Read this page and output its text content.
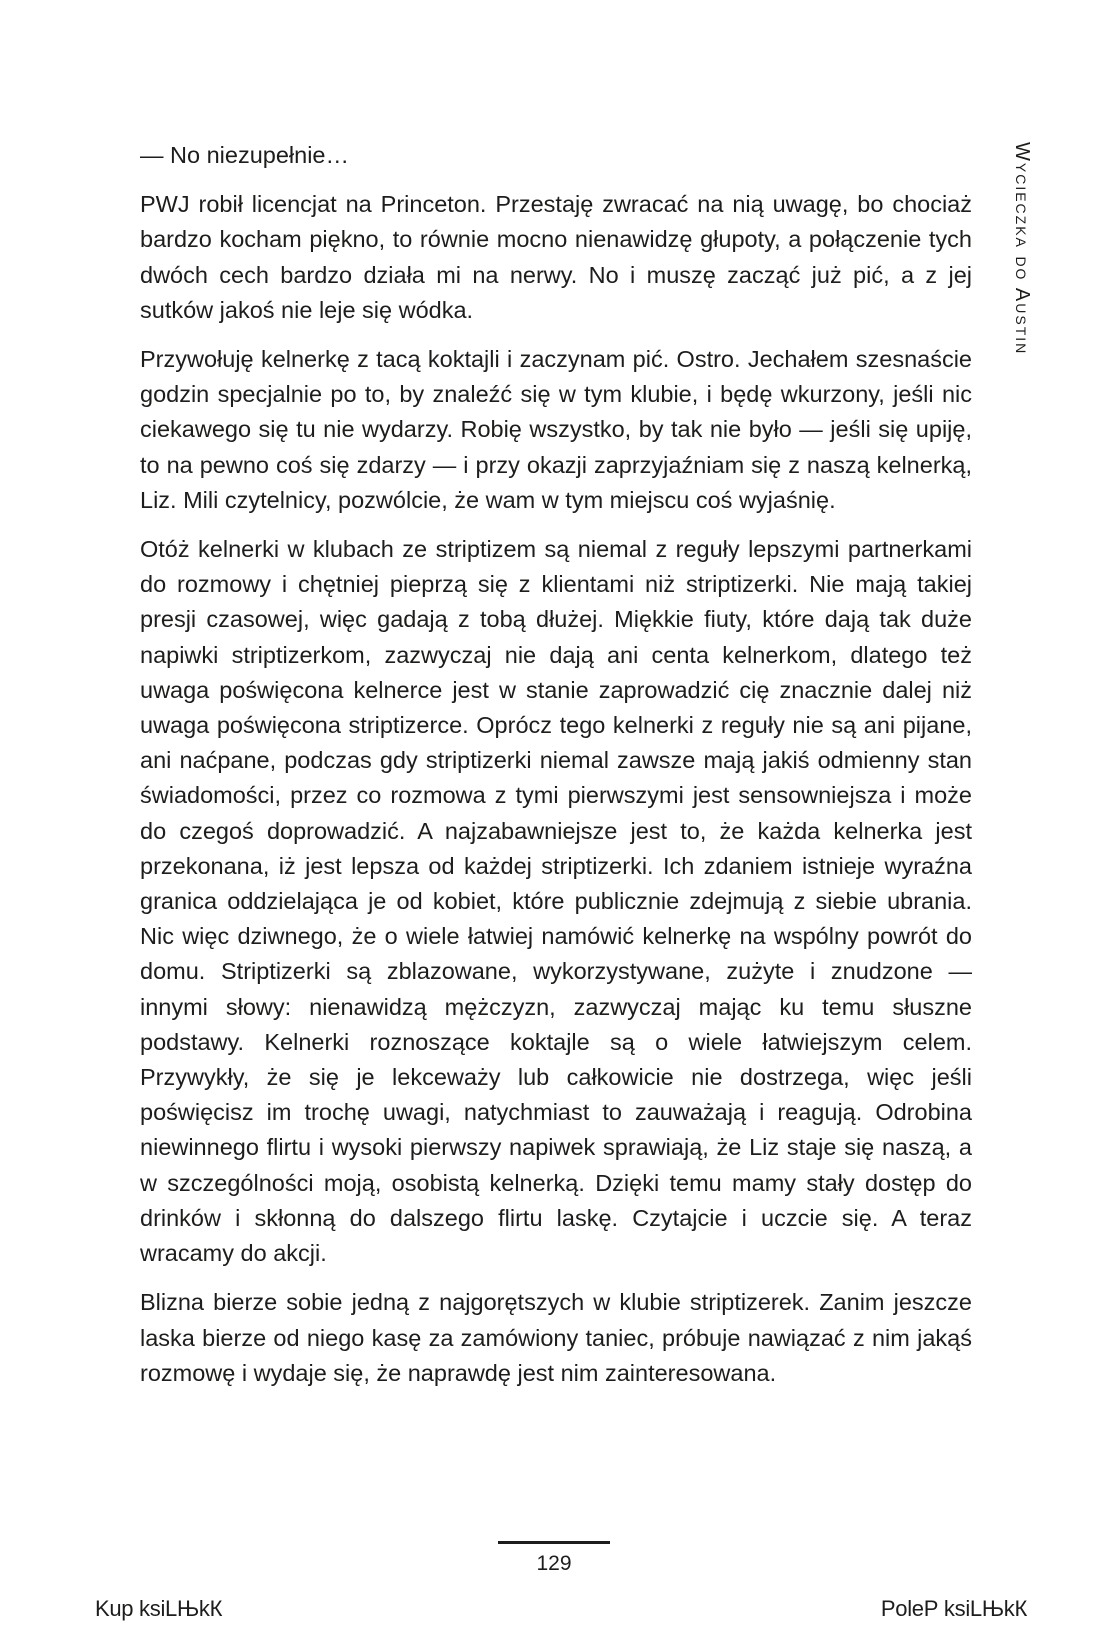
Wycieczka do Austin

— No niezupełnie…

PWJ robił licencjat na Princeton. Przestaję zwracać na nią uwagę, bo chociaż bardzo kocham piękno, to równie mocno nienawidzę głupoty, a połączenie tych dwóch cech bardzo działa mi na nerwy. No i muszę zacząć już pić, a z jej sutków jakoś nie leje się wódka.

Przywołuję kelnerkę z tacą koktajli i zaczynam pić. Ostro. Jechałem szesnaście godzin specjalnie po to, by znaleźć się w tym klubie, i będę wkurzony, jeśli nic ciekawego się tu nie wydarzy. Robię wszystko, by tak nie było — jeśli się upiję, to na pewno coś się zdarzy — i przy okazji zaprzyjaźniam się z naszą kelnerką, Liz. Mili czytelnicy, pozwólcie, że wam w tym miejscu coś wyjaśnię.

Otóż kelnerki w klubach ze striptizem są niemal z reguły lepszymi partnerkami do rozmowy i chętniej pieprzą się z klientami niż striptizerki. Nie mają takiej presji czasowej, więc gadają z tobą dłużej. Miękkie fiuty, które dają tak duże napiwki striptizerkom, zazwyczaj nie dają ani centa kelnerkom, dlatego też uwaga poświęcona kelnerce jest w stanie zaprowadzić cię znacznie dalej niż uwaga poświęcona striptizerce. Oprócz tego kelnerki z reguły nie są ani pijane, ani naćpane, podczas gdy striptizerki niemal zawsze mają jakiś odmienny stan świadomości, przez co rozmowa z tymi pierwszymi jest sensowniejsza i może do czegoś doprowadzić. A najzabawniejsze jest to, że każda kelnerka jest przekonana, iż jest lepsza od każdej striptizerki. Ich zdaniem istnieje wyraźna granica oddzielająca je od kobiet, które publicznie zdejmują z siebie ubrania. Nic więc dziwnego, że o wiele łatwiej namówić kelnerkę na wspólny powrót do domu. Striptizerki są zblazowane, wykorzystywane, zużyte i znudzone — innymi słowy: nienawidzą mężczyzn, zazwyczaj mając ku temu słuszne podstawy. Kelnerki roznoszące koktajle są o wiele łatwiejszym celem. Przywykły, że się je lekceważy lub całkowicie nie dostrzega, więc jeśli poświęcisz im trochę uwagi, natychmiast to zauważają i reagują. Odrobina niewinnego flirtu i wysoki pierwszy napiwek sprawiają, że Liz staje się naszą, a w szczególności moją, osobistą kelnerką. Dzięki temu mamy stały dostęp do drinków i skłonną do dalszego flirtu laskę. Czytajcie i uczcie się. A teraz wracamy do akcji.

Blizna bierze sobie jedną z najgorętszych w klubie striptizerek. Zanim jeszcze laska bierze od niego kasę za zamówiony taniec, próbuje nawiązać z nim jakąś rozmowę i wydaje się, że naprawdę jest nim zainteresowana.

129
Kup ksiLЊkК	PoleР ksiLЊkК
